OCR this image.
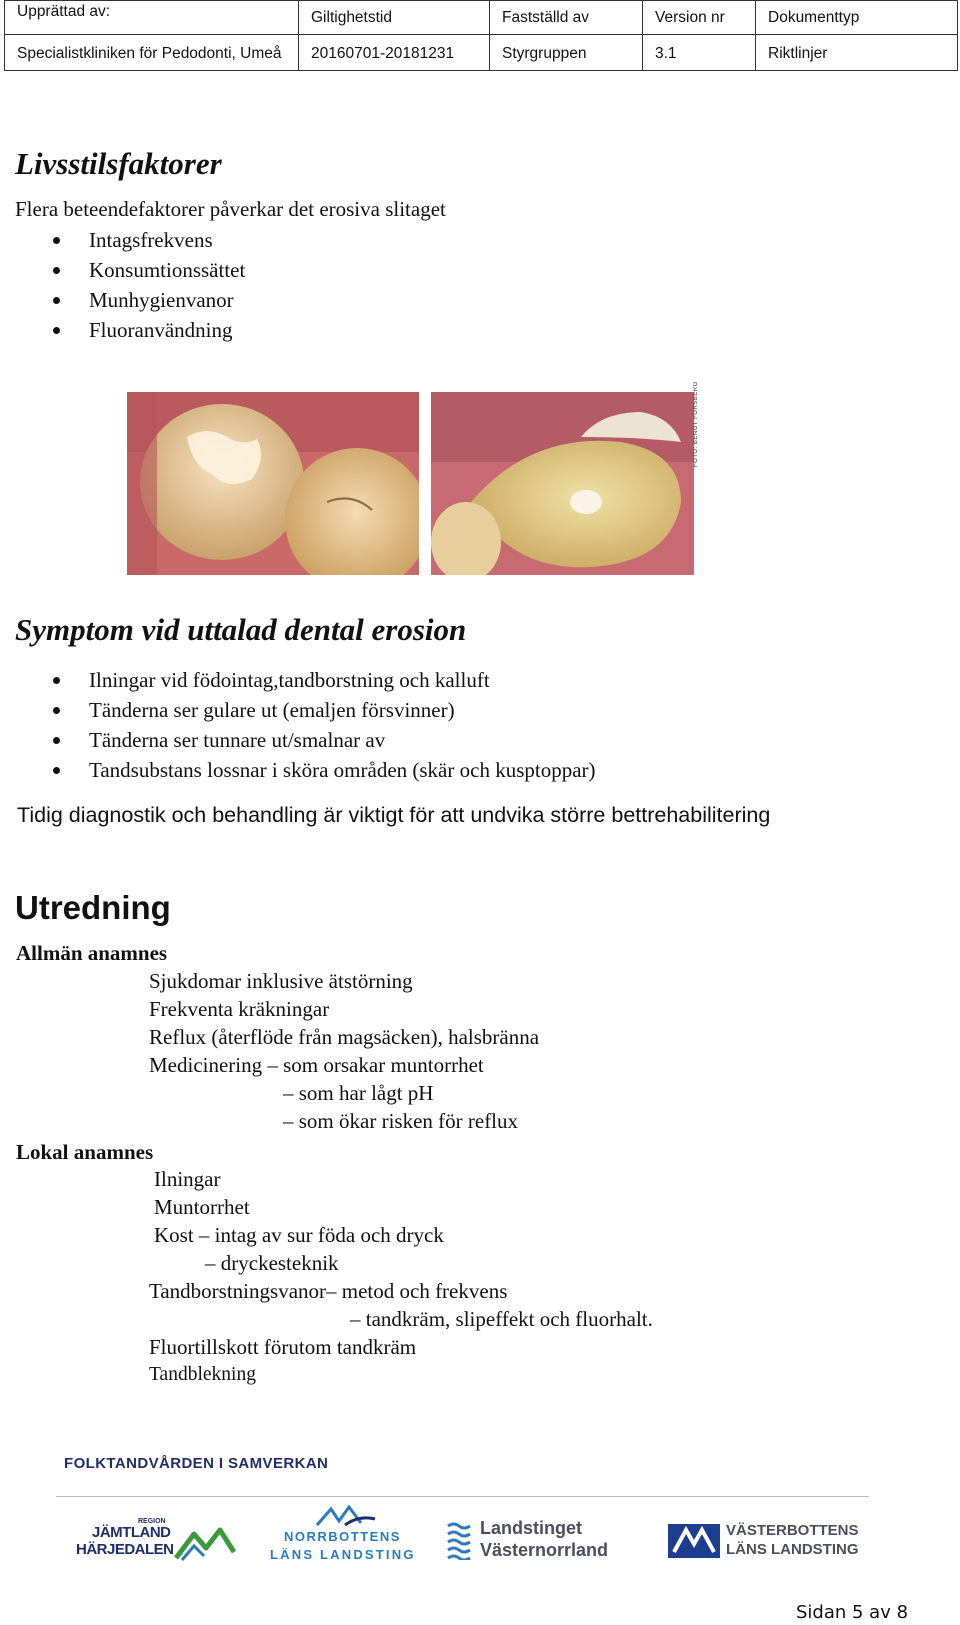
Upprättad av:	Giltighetstid	Fastställd av	Version nr	Dokumenttyp
Specialistkliniken för Pedodonti, Umeå	20160701-20181231	Styrgruppen	3.1	Riktlinjer
Livsstilsfaktorer

Flera beteendefaktorer påverkar det erosiva slitaget

Intagsfrekvens
Konsumtionssättet
Munhygienvanor
Fluoranvändning
FOTO: BENGT FORSBERG
Symptom vid uttalad dental erosion
Ilningar vid födointag,tandborstning och kalluft
Tänderna ser gulare ut (emaljen försvinner)
Tänderna ser tunnare ut/smalnar av
Tandsubstans lossnar i sköra områden (skär och kusptoppar)

Tidig diagnostik och behandling är viktigt för att undvika större bettrehabilitering

Utredning

Allmän anamnes

Sjukdomar inklusive ätstörning

Frekventa kräkningar

Reflux (återflöde från magsäcken), halsbränna

Medicinering – som orsakar muntorrhet

– som har lågt pH

– som ökar risken för reflux

Lokal anamnes

Ilningar

Muntorrhet

Kost – intag av sur föda och dryck

– dryckesteknik

Tandborstningsvanor– metod och frekvens

– tandkräm, slipeffekt och fluorhalt.

Fluortillskott förutom tandkräm

Tandblekning

FOLKTANDVÅRDEN I SAMVERKAN
REGION
JÄMTLAND
HÄRJEDALEN
NORRBOTTENS
LÄNS LANDSTING
Landstinget
Västernorrland
VÄSTERBOTTENS
LÄNS LANDSTING
Sidan 5 av 8
